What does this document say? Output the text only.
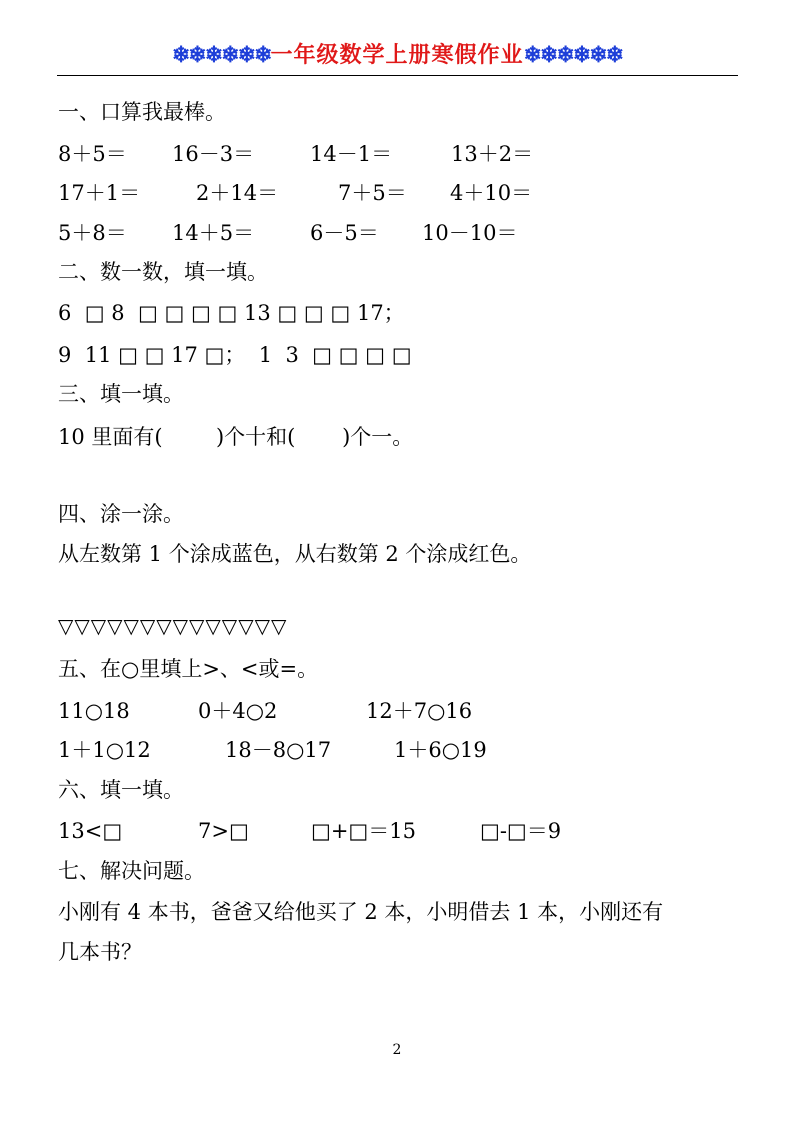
❄❄❄❄❄❄一年级数学上册寒假作业❄❄❄❄❄❄
一、口算我最棒。
8＋5＝ 16－3＝	14－1＝	13＋2＝
17＋1＝	2＋14＝	7＋5＝ 4＋10＝
5＋8＝ 14＋5＝	6－5＝ 10－10＝
二、数一数，填一填。
6  □ 8  □ □ □ □ 13 □ □ □ 17；
9  11 □ □ 17 □；  1  3  □ □ □ □
三、填一填。
10 里面有(        )个十和(       )个一。
四、涂一涂。
从左数第 1 个涂成蓝色，从右数第 2 个涂成红色。
▽▽▽▽▽▽▽▽▽▽▽▽▽▽
五、在○里填上>、<或=。
11○18	0＋4○2	12＋7○16
1＋1○12	18－8○17	1＋6○19
六、填一填。
13<□	7>□	□+□＝15	□-□＝9
七、解决问题。
小刚有 4 本书，爸爸又给他买了 2 本，小明借去 1 本，小刚还有
几本书？
2
